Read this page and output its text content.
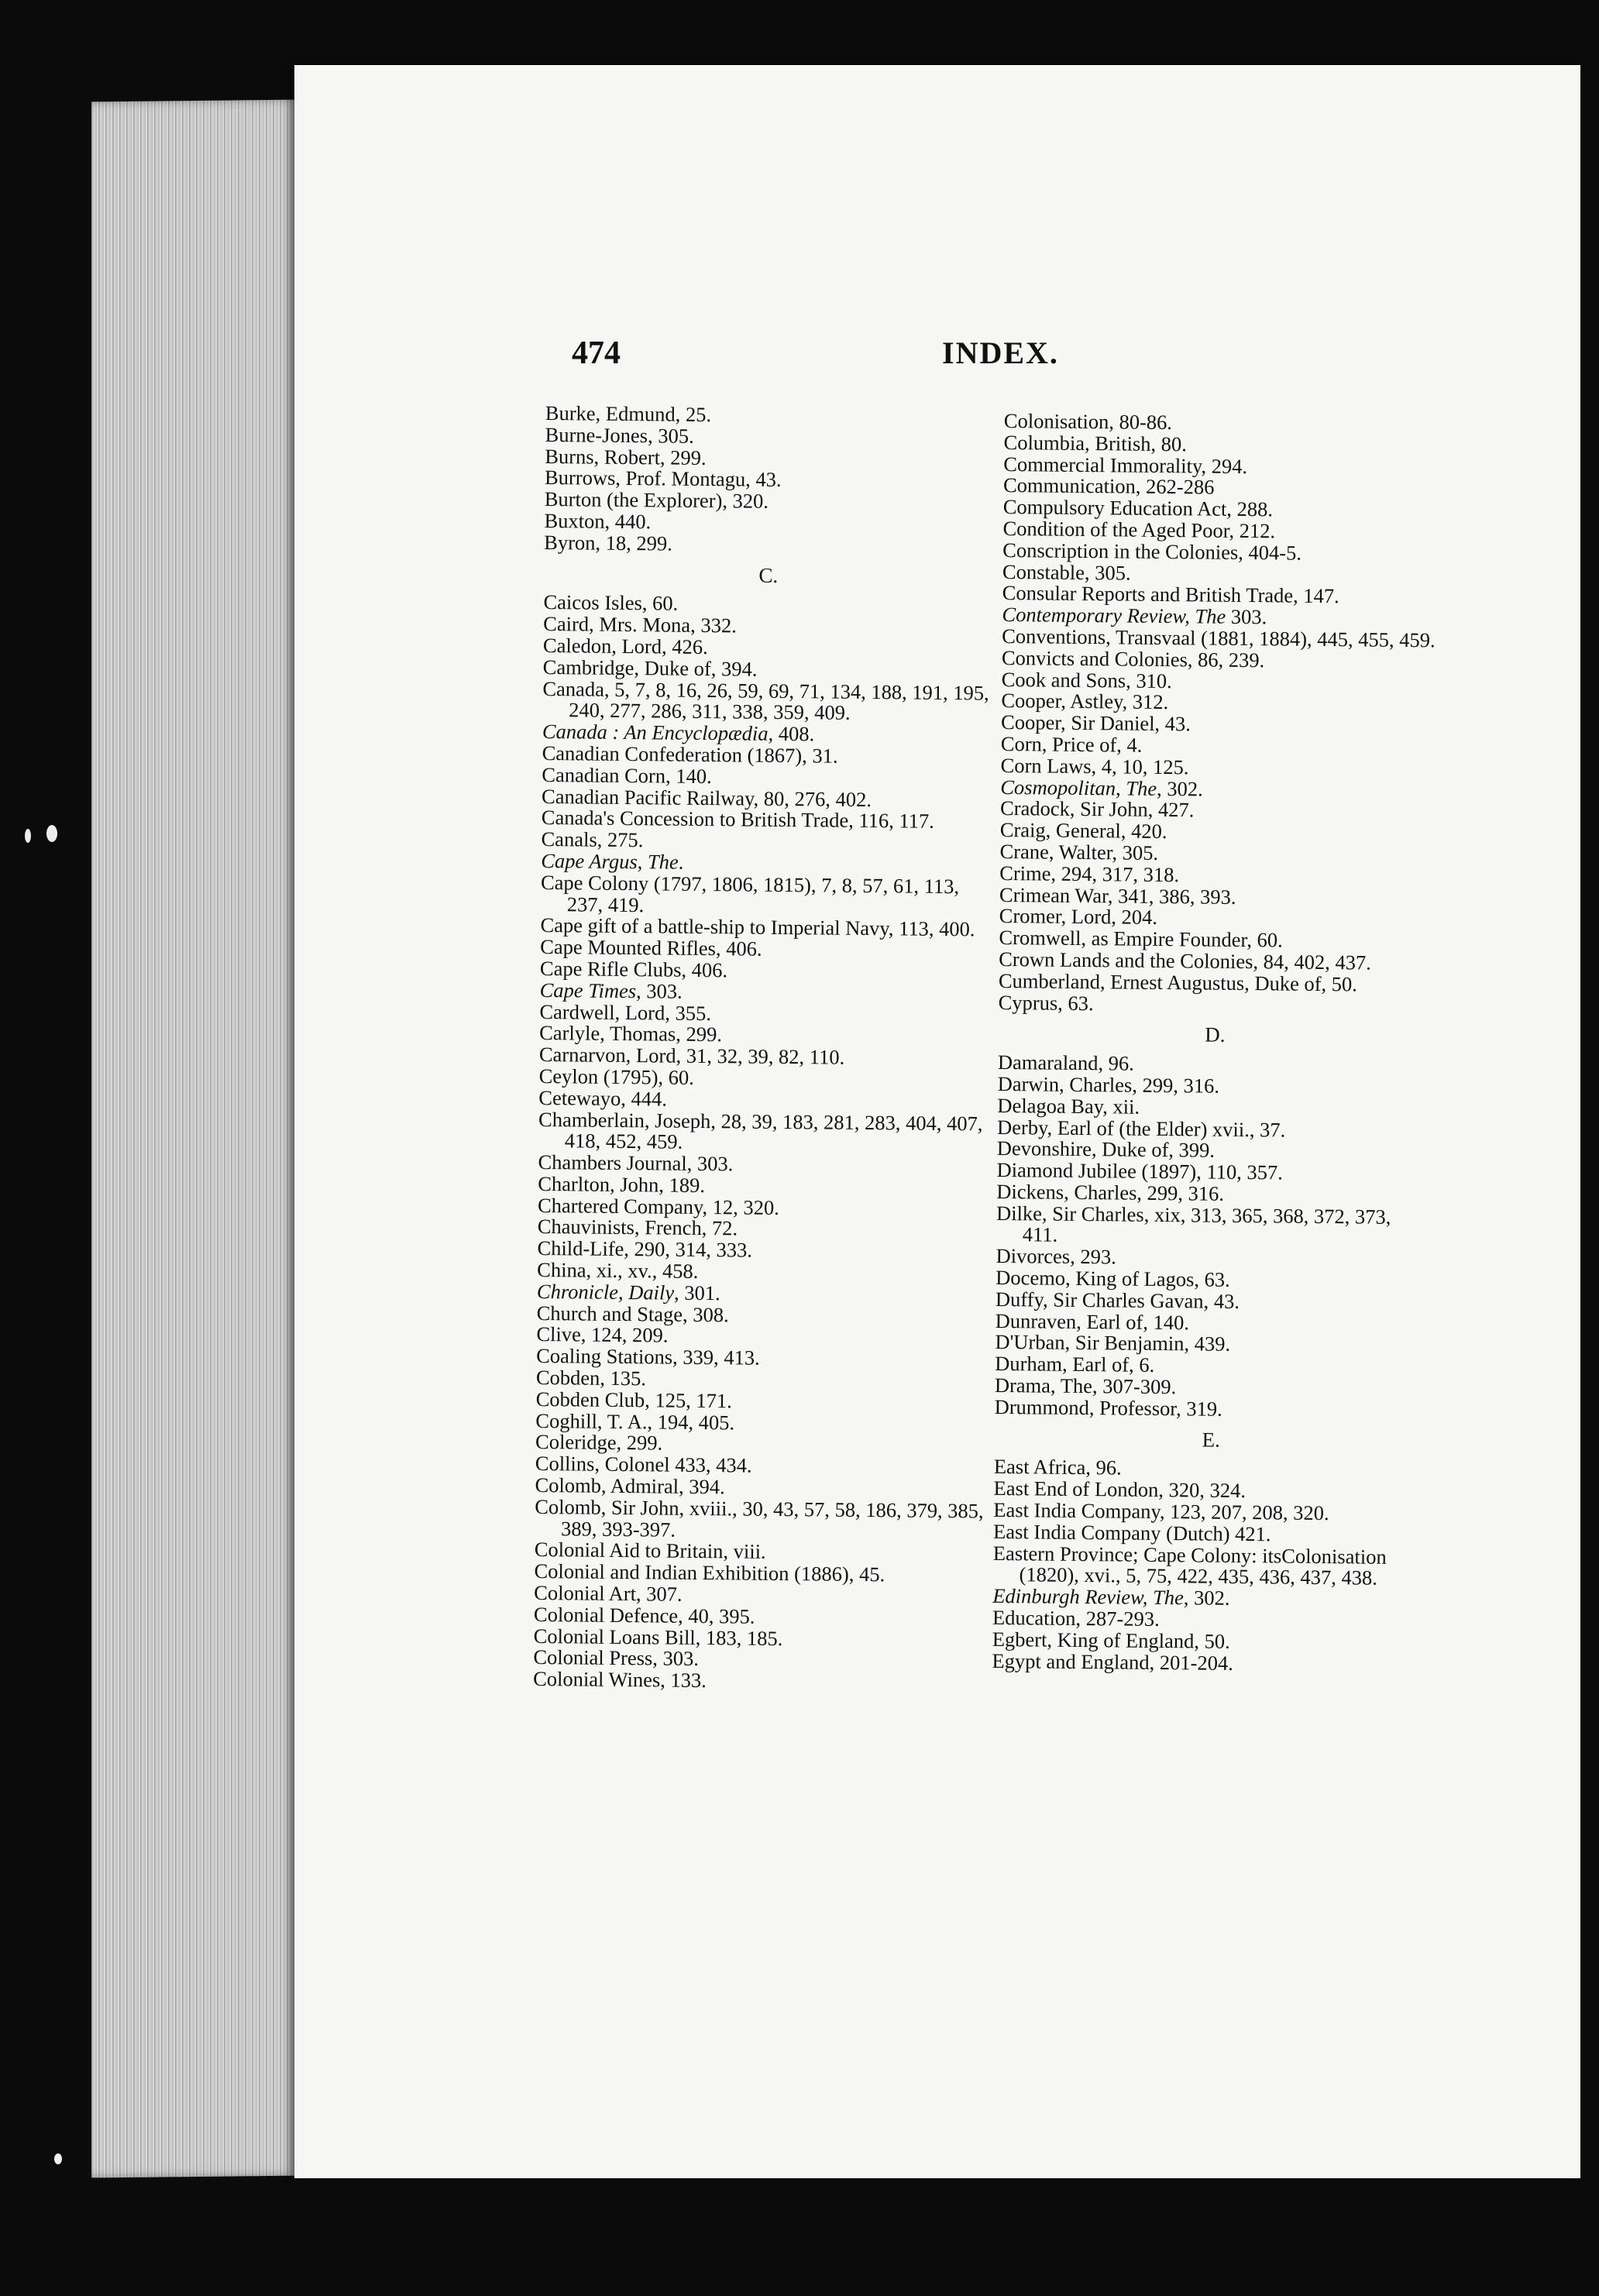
474	INDEX.

Burke, Edmund, 25.

Burne-Jones, 305.

Burns, Robert, 299.

Burrows, Prof. Montagu, 43.

Burton (the Explorer), 320.

Buxton, 440.

Byron, 18, 299.

C.

Caicos Isles, 60.

Caird, Mrs. Mona, 332.

Caledon, Lord, 426.

Cambridge, Duke of, 394.

Canada, 5, 7, 8, 16, 26, 59, 69, 71, 134, 188, 191, 195, 240, 277, 286, 311, 338, 359, 409.

Canada : An Encyclopædia, 408.

Canadian Confederation (1867), 31.

Canadian Corn, 140.

Canadian Pacific Railway, 80, 276, 402.

Canada's Concession to British Trade, 116, 117.

Canals, 275.

Cape Argus, The.

Cape Colony (1797, 1806, 1815), 7, 8, 57, 61, 113, 237, 419.

Cape gift of a battle-ship to Imperial Navy, 113, 400.

Cape Mounted Rifles, 406.

Cape Rifle Clubs, 406.

Cape Times, 303.

Cardwell, Lord, 355.

Carlyle, Thomas, 299.

Carnarvon, Lord, 31, 32, 39, 82, 110.

Ceylon (1795), 60.

Cetewayo, 444.

Chamberlain, Joseph, 28, 39, 183, 281, 283, 404, 407, 418, 452, 459.

Chambers Journal, 303.

Charlton, John, 189.

Chartered Company, 12, 320.

Chauvinists, French, 72.

Child-Life, 290, 314, 333.

China, xi., xv., 458.

Chronicle, Daily, 301.

Church and Stage, 308.

Clive, 124, 209.

Coaling Stations, 339, 413.

Cobden, 135.

Cobden Club, 125, 171.

Coghill, T. A., 194, 405.

Coleridge, 299.

Collins, Colonel 433, 434.

Colomb, Admiral, 394.

Colomb, Sir John, xviii., 30, 43, 57, 58, 186, 379, 385, 389, 393-397.

Colonial Aid to Britain, viii.

Colonial and Indian Exhibition (1886), 45.

Colonial Art, 307.

Colonial Defence, 40, 395.

Colonial Loans Bill, 183, 185.

Colonial Press, 303.

Colonial Wines, 133.

Colonisation, 80-86.

Columbia, British, 80.

Commercial Immorality, 294.

Communication, 262-286

Compulsory Education Act, 288.

Condition of the Aged Poor, 212.

Conscription in the Colonies, 404-5.

Constable, 305.

Consular Reports and British Trade, 147.

Contemporary Review, The 303.

Conventions, Transvaal (1881, 1884), 445, 455, 459.

Convicts and Colonies, 86, 239.

Cook and Sons, 310.

Cooper, Astley, 312.

Cooper, Sir Daniel, 43.

Corn, Price of, 4.

Corn Laws, 4, 10, 125.

Cosmopolitan, The, 302.

Cradock, Sir John, 427.

Craig, General, 420.

Crane, Walter, 305.

Crime, 294, 317, 318.

Crimean War, 341, 386, 393.

Cromer, Lord, 204.

Cromwell, as Empire Founder, 60.

Crown Lands and the Colonies, 84, 402, 437.

Cumberland, Ernest Augustus, Duke of, 50.

Cyprus, 63.

D.

Damaraland, 96.

Darwin, Charles, 299, 316.

Delagoa Bay, xii.

Derby, Earl of (the Elder) xvii., 37.

Devonshire, Duke of, 399.

Diamond Jubilee (1897), 110, 357.

Dickens, Charles, 299, 316.

Dilke, Sir Charles, xix, 313, 365, 368, 372, 373, 411.

Divorces, 293.

Docemo, King of Lagos, 63.

Duffy, Sir Charles Gavan, 43.

Dunraven, Earl of, 140.

D'Urban, Sir Benjamin, 439.

Durham, Earl of, 6.

Drama, The, 307-309.

Drummond, Professor, 319.

E.

East Africa, 96.

East End of London, 320, 324.

East India Company, 123, 207, 208, 320.

East India Company (Dutch) 421.

Eastern Province; Cape Colony: itsColonisation (1820), xvi., 5, 75, 422, 435, 436, 437, 438.

Edinburgh Review, The, 302.

Education, 287-293.

Egbert, King of England, 50.

Egypt and England, 201-204.
